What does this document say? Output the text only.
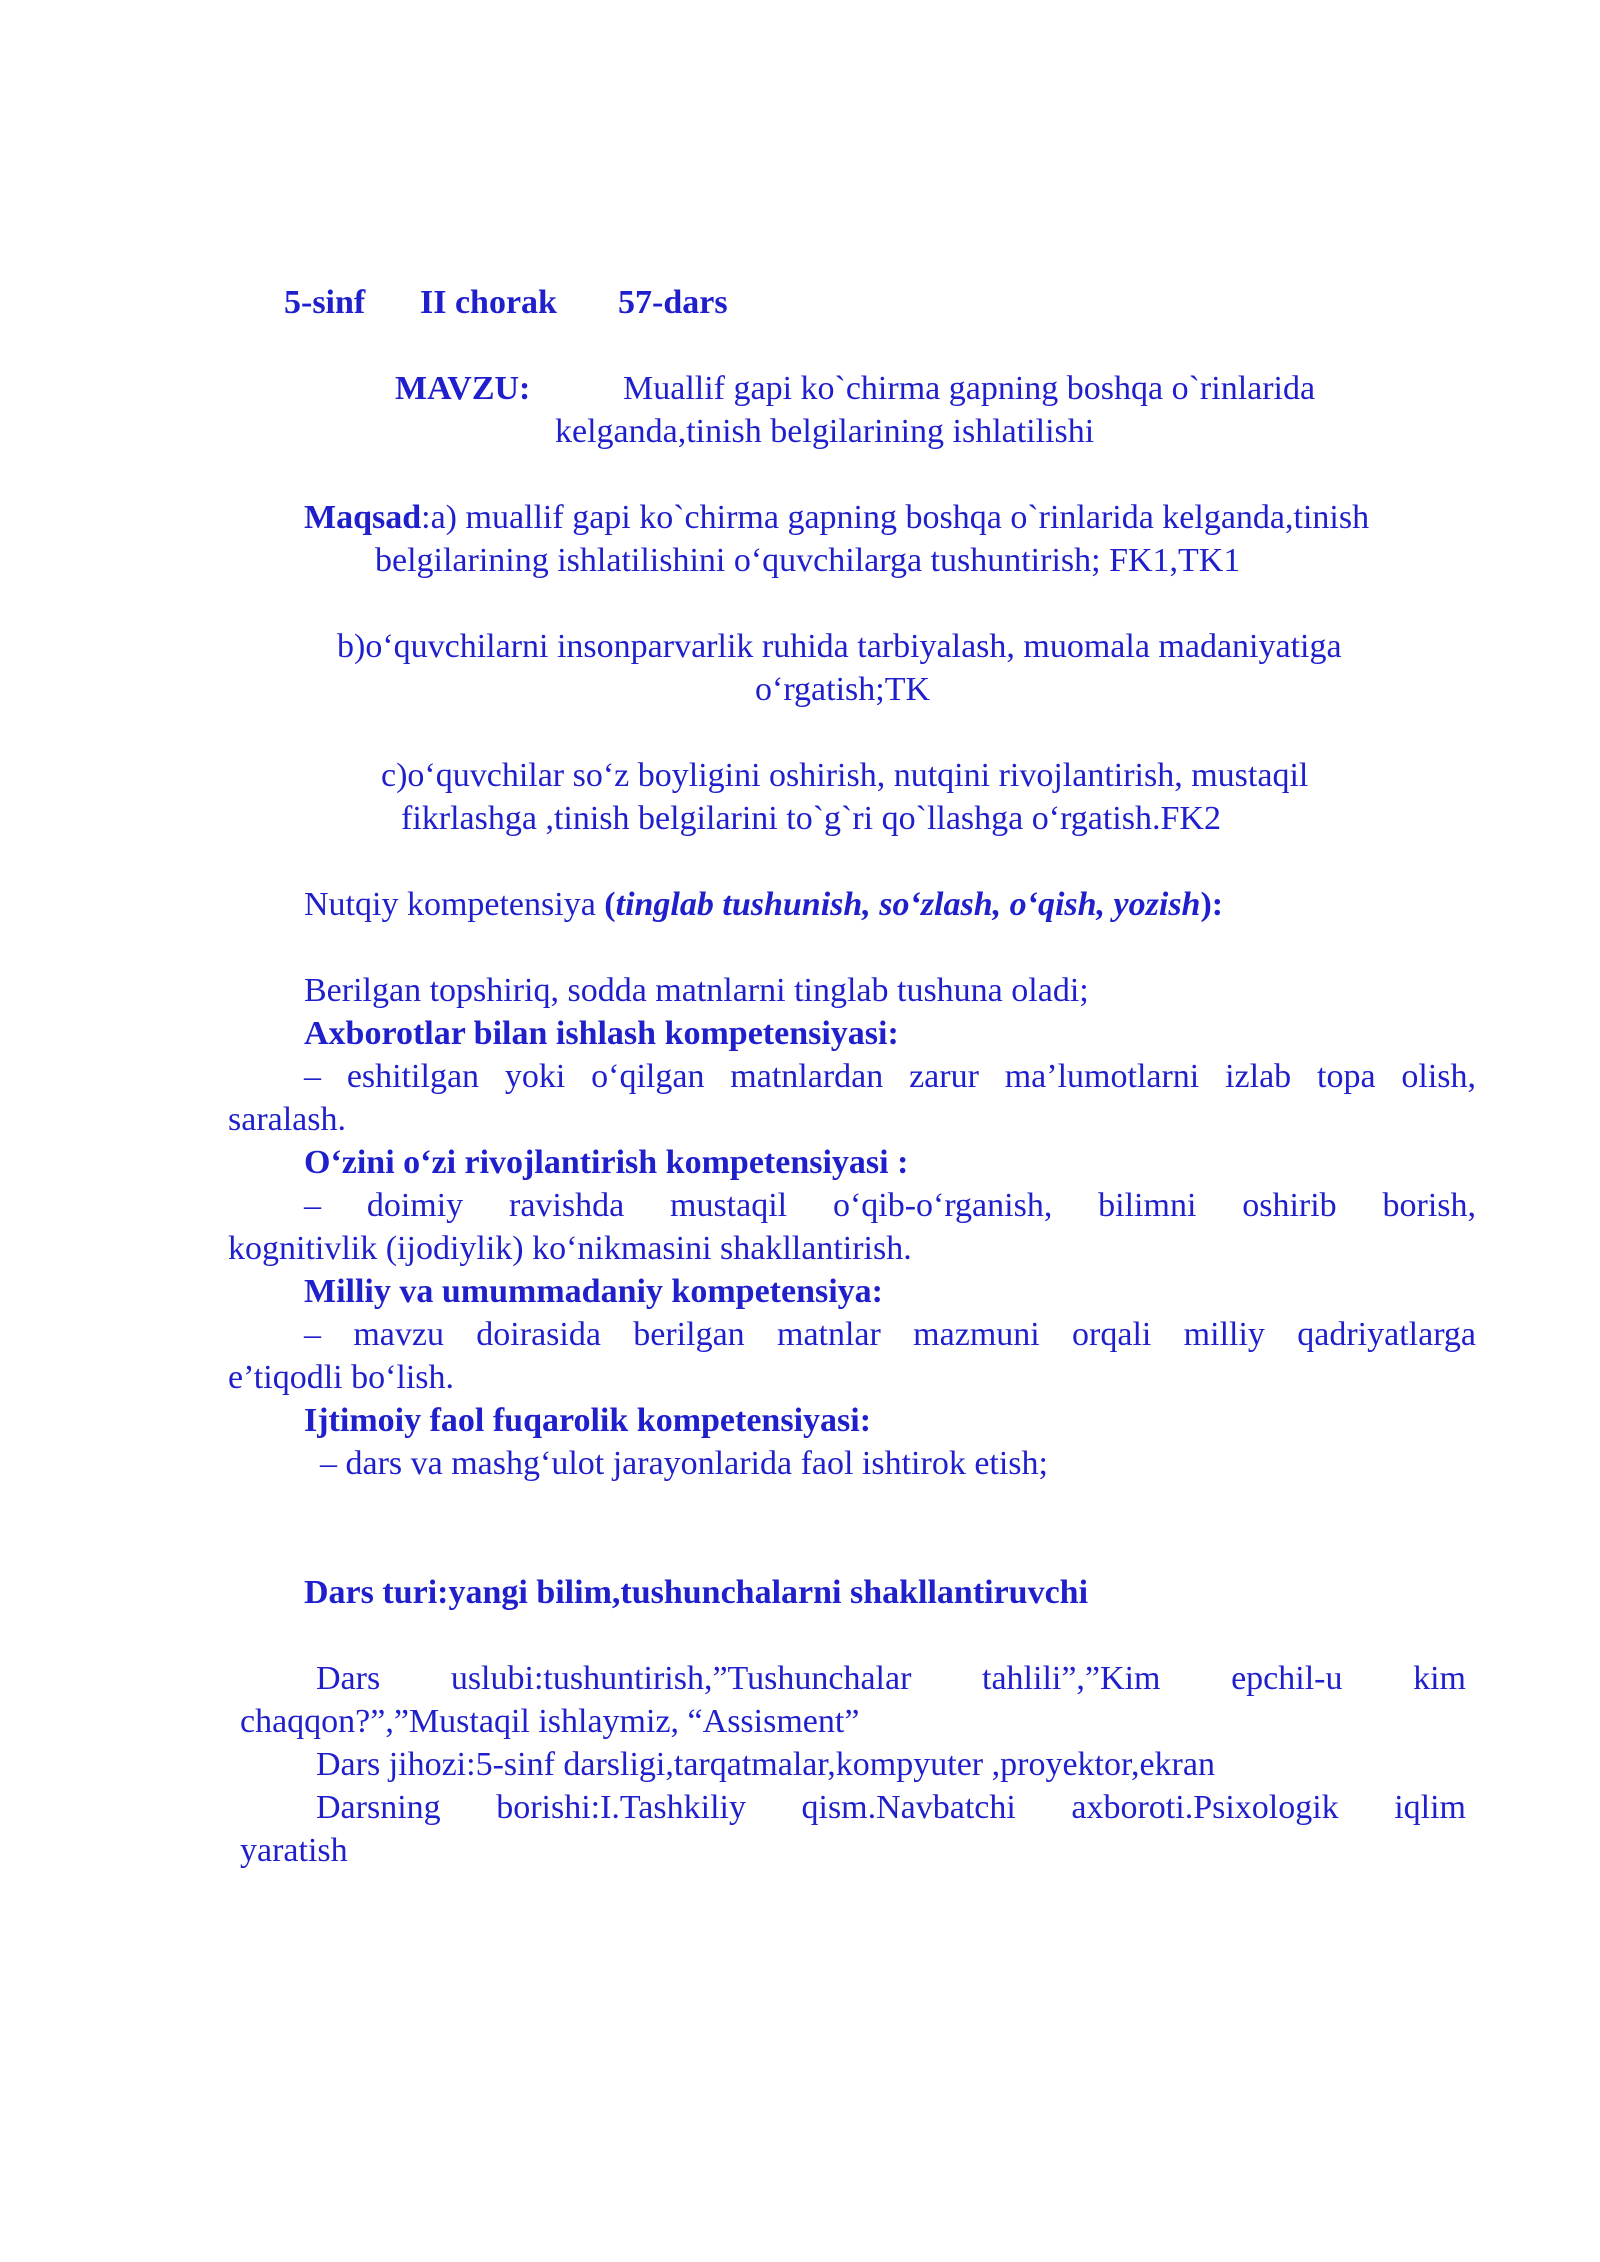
5-sinf II chorak 57-dars
MAVZU:	Muallif gapi ko`chirma gapning boshqa o`rinlarida
kelganda,tinish belgilarining ishlatilishi
Maqsad:a) muallif gapi ko`chirma gapning boshqa o`rinlarida kelganda,tinish
belgilarining ishlatilishini o‘quvchilarga tushuntirish; FK1,TK1
b)o‘quvchilarni insonparvarlik ruhida tarbiyalash, muomala madaniyatiga
o‘rgatish;TK
c)o‘quvchilar so‘z boyligini oshirish, nutqini rivojlantirish, mustaqil
fikrlashga ,tinish belgilarini to`g`ri qo`llashga o‘rgatish.FK2
Nutqiy kompetensiya (tinglab tushunish, so‘zlash, o‘qish, yozish):
Berilgan topshiriq, sodda matnlarni tinglab tushuna oladi;
Axborotlar bilan ishlash kompetensiyasi:
– eshitilgan yoki o‘qilgan matnlardan zarur ma’lumotlarni izlab topa olish,
saralash.
O‘zini o‘zi rivojlantirish kompetensiyasi :
– doimiy ravishda mustaqil o‘qib-o‘rganish, bilimni oshirib borish,
kognitivlik (ijodiylik) ko‘nikmasini shakllantirish.
Milliy va umummadaniy kompetensiya:
– mavzu doirasida berilgan matnlar mazmuni orqali milliy qadriyatlarga
e’tiqodli bo‘lish.
Ijtimoiy faol fuqarolik kompetensiyasi:
– dars va mashg‘ulot jarayonlarida faol ishtirok etish;
Dars turi:yangi bilim,tushunchalarni shakllantiruvchi
Dars uslubi:tushuntirish,”Tushunchalar tahlili”,”Kim epchil-u kim
chaqqon?”,”Mustaqil ishlaymiz, “Assisment”
Dars jihozi:5-sinf darsligi,tarqatmalar,kompyuter ,proyektor,ekran
Darsning borishi:I.Tashkiliy qism.Navbatchi axboroti.Psixologik iqlim
yaratish
